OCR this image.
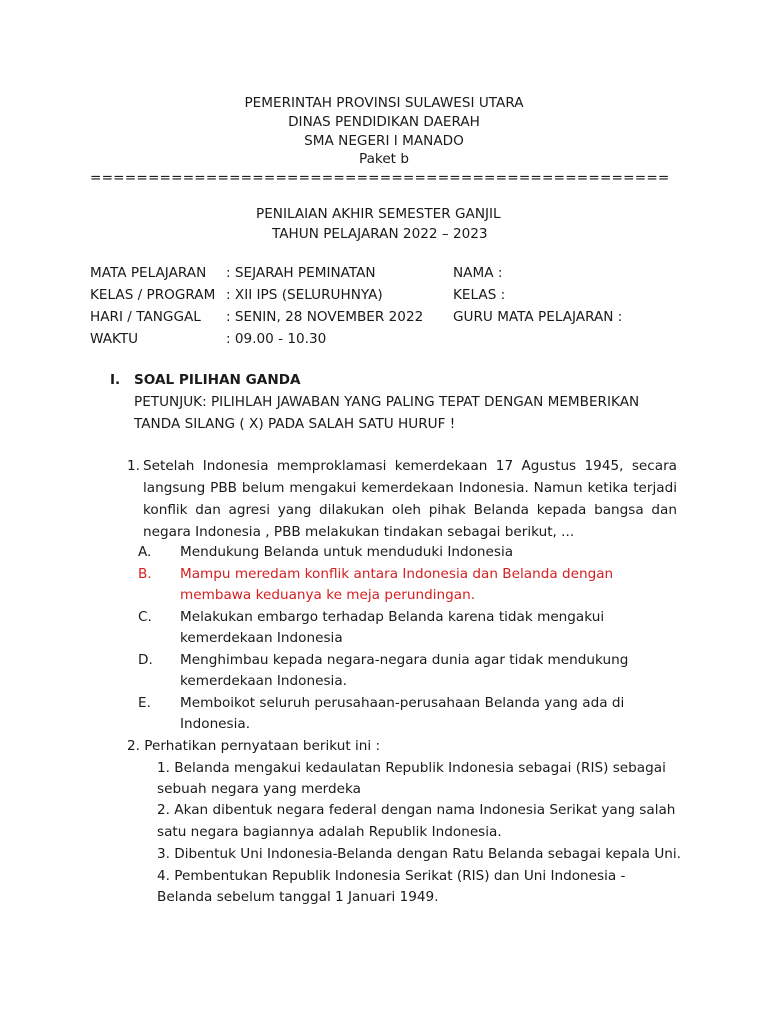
PEMERINTAH PROVINSI SULAWESI UTARA
DINAS PENDIDIKAN DAERAH
SMA NEGERI I MANADO
Paket b
==================================================
PENILAIAN AKHIR SEMESTER GANJIL
TAHUN PELAJARAN 2022 – 2023
MATA PELAJARAN : SEJARAH PEMINATAN	NAMA :
KELAS / PROGRAM : XII IPS (SELURUHNYA)	KELAS :
HARI / TANGGAL : SENIN, 28 NOVEMBER 2022 GURU MATA PELAJARAN :
WAKTU	: 09.00 - 10.30
I. SOAL PILIHAN GANDA
PETUNJUK: PILIHLAH JAWABAN YANG PALING TEPAT DENGAN MEMBERIKAN
TANDA SILANG ( X) PADA SALAH SATU HURUF !
1. Setelah Indonesia memproklamasi kemerdekaan 17 Agustus 1945, secara
langsung PBB belum mengakui kemerdekaan Indonesia. Namun ketika terjadi
konflik dan agresi yang dilakukan oleh pihak Belanda kepada bangsa dan
negara Indonesia , PBB melakukan tindakan sebagai berikut, ...
A. Mendukung Belanda untuk menduduki Indonesia
B. Mampu meredam konflik antara Indonesia dan Belanda dengan
membawa keduanya ke meja perundingan.
C. Melakukan embargo terhadap Belanda karena tidak mengakui
kemerdekaan Indonesia
D. Menghimbau kepada negara-negara dunia agar tidak mendukung
kemerdekaan Indonesia.
E. Memboikot seluruh perusahaan-perusahaan Belanda yang ada di
Indonesia.
2. Perhatikan pernyataan berikut ini :
1. Belanda mengakui kedaulatan Republik Indonesia sebagai (RIS) sebagai
sebuah negara yang merdeka
2. Akan dibentuk negara federal dengan nama Indonesia Serikat yang salah
satu negara bagiannya adalah Republik Indonesia.
3. Dibentuk Uni Indonesia-Belanda dengan Ratu Belanda sebagai kepala Uni.
4. Pembentukan Republik Indonesia Serikat (RIS) dan Uni Indonesia -
Belanda sebelum tanggal 1 Januari 1949.
